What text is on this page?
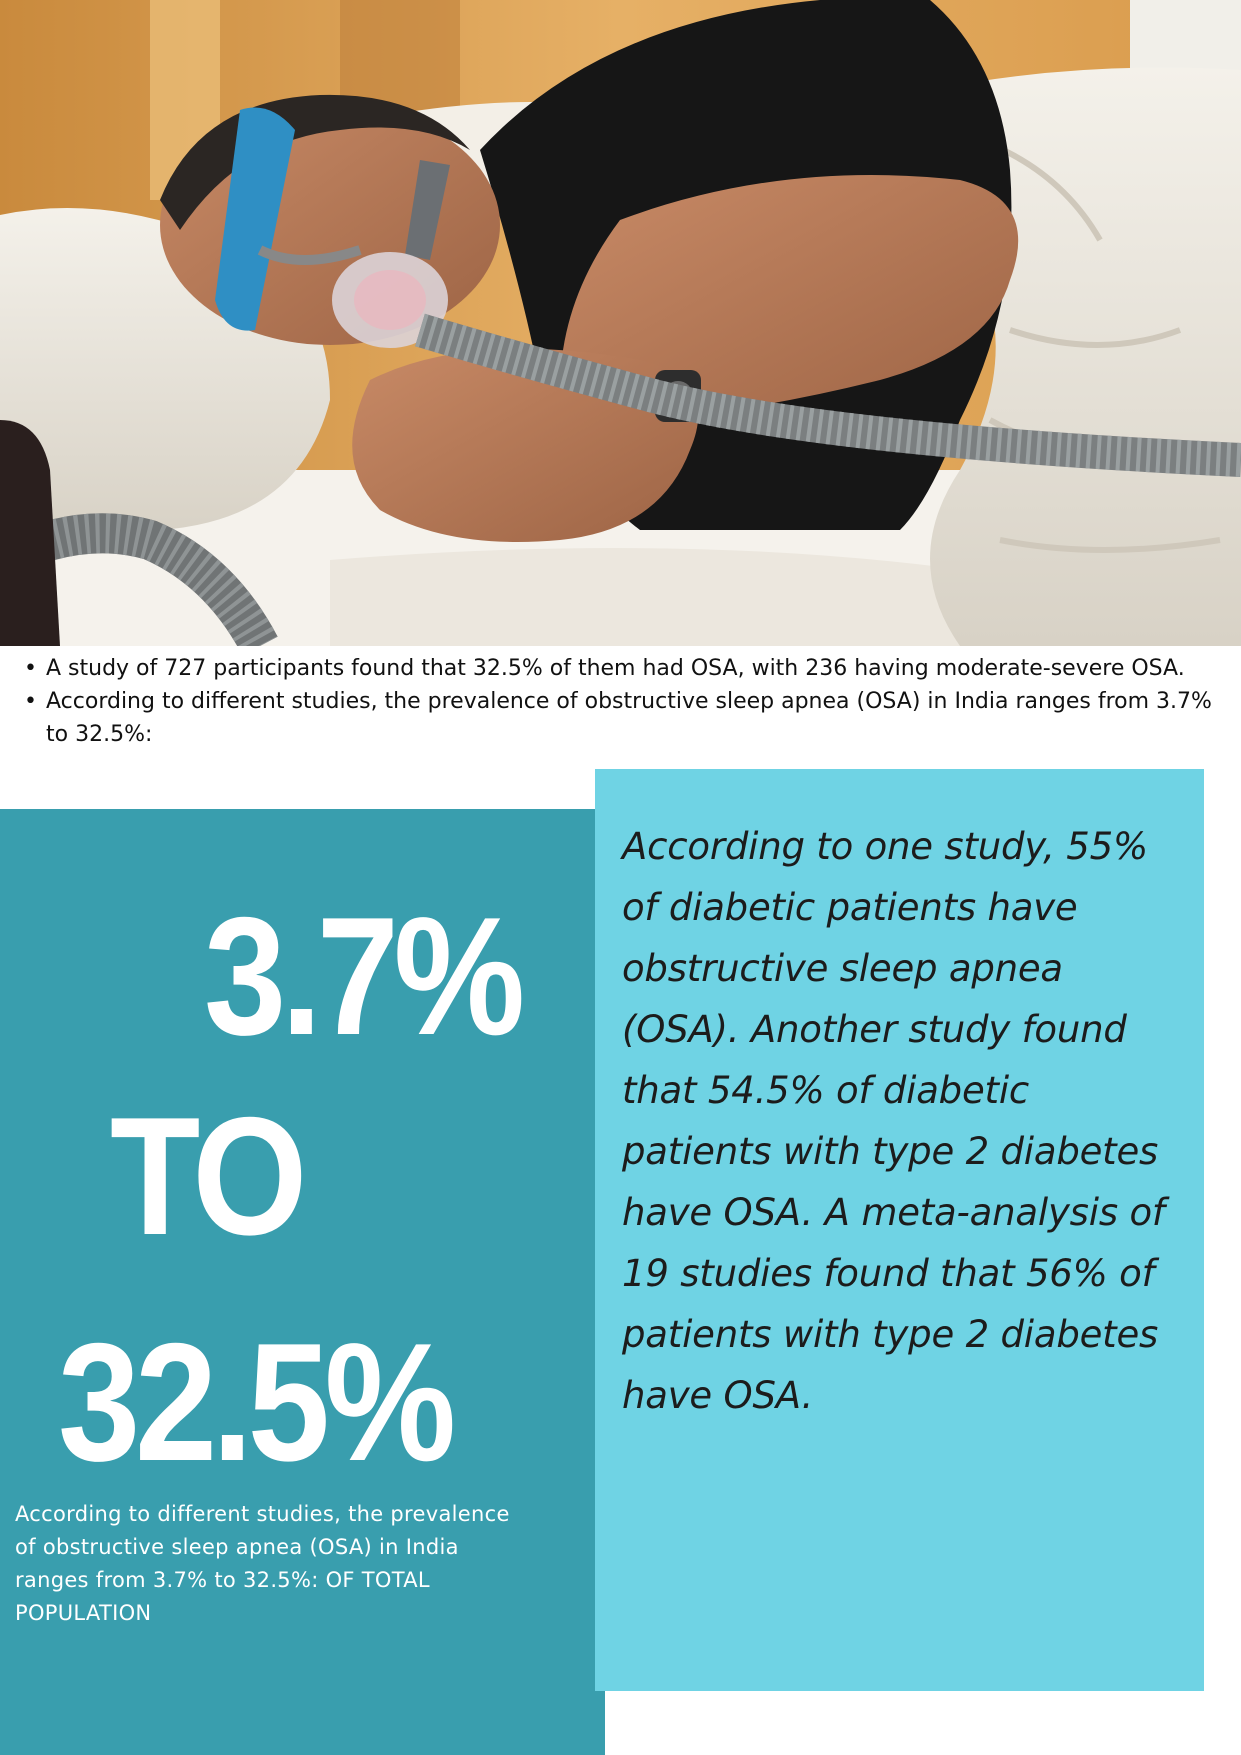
• A study of 727 participants found that 32.5% of them had OSA, with 236 having moderate-severe OSA.
• According to different studies, the prevalence of obstructive sleep apnea (OSA) in India ranges from 3.7% to 32.5%:
3.7%
TO
32.5%

According to different studies, the prevalence of obstructive sleep apnea (OSA) in India ranges from 3.7% to 32.5%: OF TOTAL POPULATION

According to one study, 55% of diabetic patients have obstructive sleep apnea (OSA). Another study found that 54.5% of diabetic patients with type 2 diabetes have OSA. A meta-analysis of 19 studies found that 56% of patients with type 2 diabetes have OSA.
